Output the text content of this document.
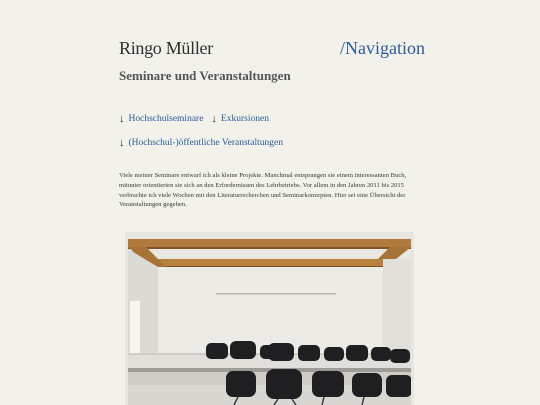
Ringo Müller	/Navigation
Seminare und Veranstaltungen
↓ Hochschulseminare ↓ Exkursionen
↓ (Hochschul-)öffentliche Veranstaltungen
Viele meiner Seminare entwarf ich als kleine Projekte. Manchmal entsprangen sie einem interessanten Buch, mitunter orientierten sie sich an den Erfordernissen des Lehrbetriebs. Vor allem in den Jahren 2011 bis 2015 verbrachte ich viele Wochen mit den Literaturrecherchen und Seminarkonzepten. Hier sei eine Übersicht der Veranstaltungen gegeben.
